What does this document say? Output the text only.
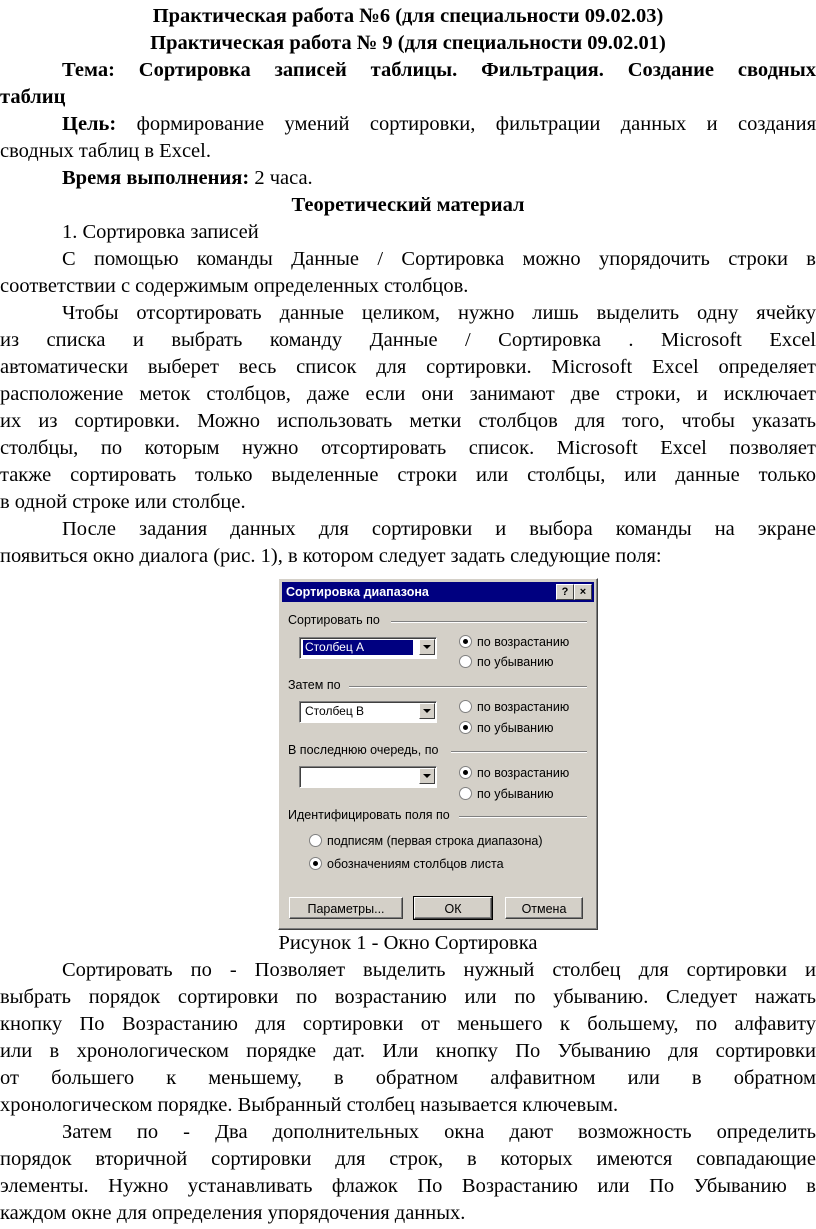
Практическая работа №6 (для специальности 09.02.03)
Практическая работа № 9 (для специальности 09.02.01)
Тема: Сортировка записей таблицы. Фильтрация. Создание сводных
таблиц
Цель: формирование умений сортировки, фильтрации данных и создания
сводных таблиц в Excel.
Время выполнения: 2 часа.
Теоретический материал
1. Сортировка записей
С помощью команды Данные / Сортировка можно упорядочить строки в
соответствии с содержимым определенных столбцов.
Чтобы отсортировать данные целиком, нужно лишь выделить одну ячейку
из списка и выбрать команду Данные / Сортировка . Microsoft Excel
автоматически выберет весь список для сортировки. Microsoft Excel определяет
расположение меток столбцов, даже если они занимают две строки, и исключает
их из сортировки. Можно использовать метки столбцов для того, чтобы указать
столбцы, по которым нужно отсортировать список. Microsoft Excel позволяет
также сортировать только выделенные строки или столбцы, или данные только
в одной строке или столбце.
После задания данных для сортировки и выбора команды на экране
появиться окно диалога (рис. 1), в котором следует задать следующие поля:
Сортировка диапазона	?	×
Сортировать по
Столбец А	по возрастанию
по убыванию
Затем по
Столбец В	по возрастанию
по убыванию
В последнюю очередь, по
по возрастанию
по убыванию
Идентифицировать поля по
подписям (первая строка диапазона)
обозначениям столбцов листа
Параметры...	ОК	Отмена
Рисунок 1 - Окно Сортировка
Сортировать по - Позволяет выделить нужный столбец для сортировки и
выбрать порядок сортировки по возрастанию или по убыванию. Следует нажать
кнопку По Возрастанию для сортировки от меньшего к большему, по алфавиту
или в хронологическом порядке дат. Или кнопку По Убыванию для сортировки
от большего к меньшему, в обратном алфавитном или в обратном
хронологическом порядке. Выбранный столбец называется ключевым.
Затем по - Два дополнительных окна дают возможность определить
порядок вторичной сортировки для строк, в которых имеются совпадающие
элементы. Нужно устанавливать флажок По Возрастанию или По Убыванию в
каждом окне для определения упорядочения данных.
